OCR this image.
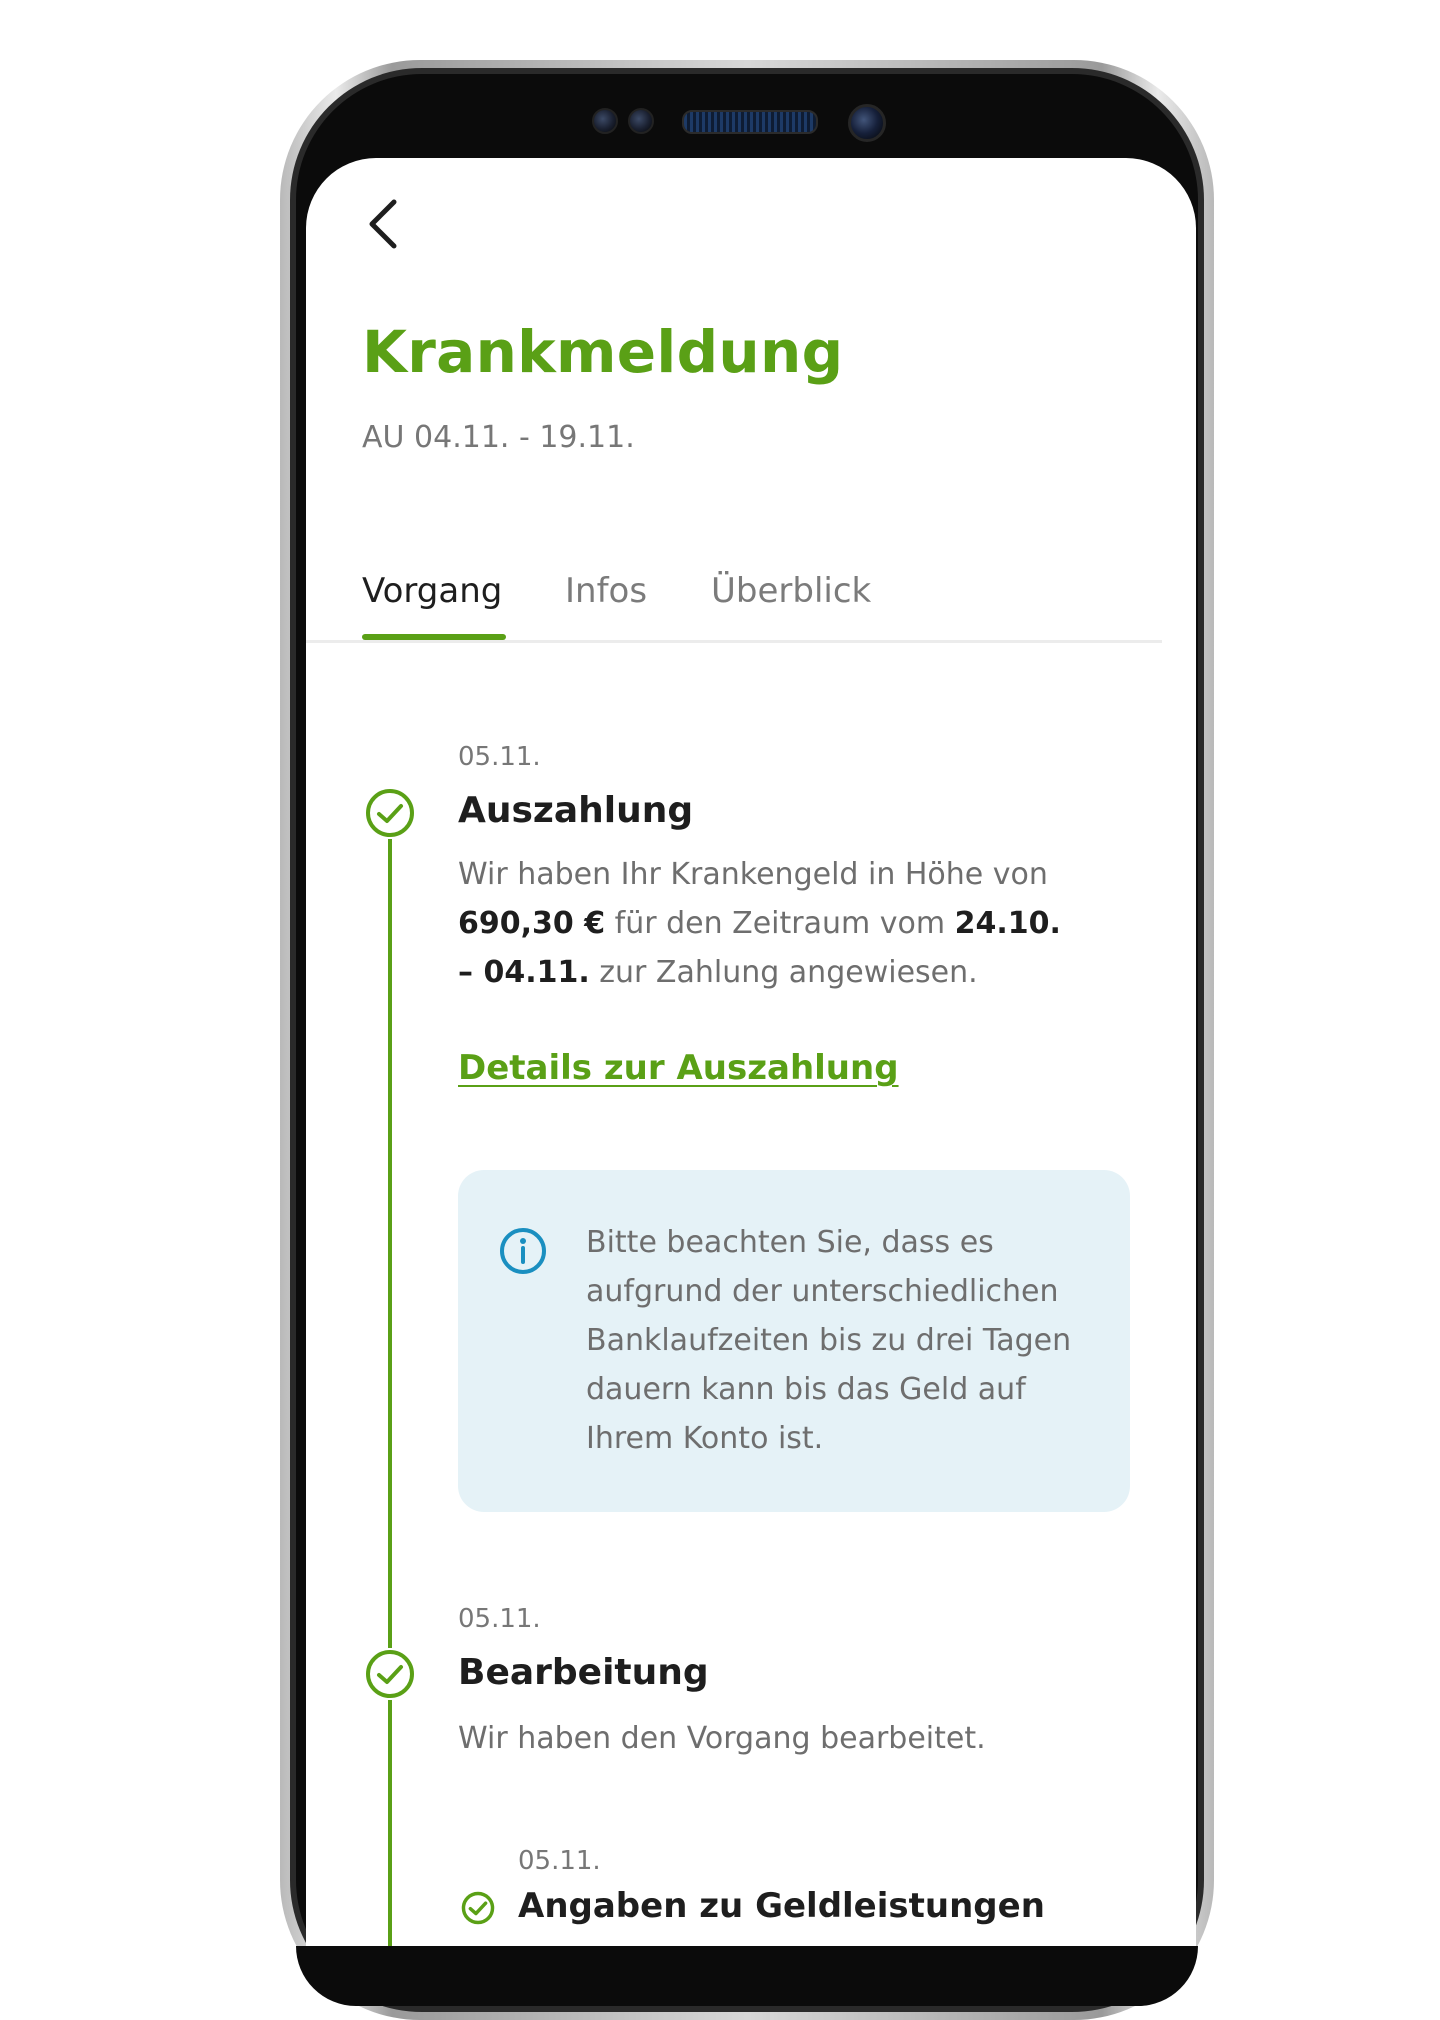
Krankmeldung
AU 04.11. - 19.11.
Vorgang Infos Überblick
05.11.
Auszahlung
Wir haben Ihr Krankengeld in Höhe von
690,30 € für den Zeitraum vom 24.10.
– 04.11. zur Zahlung angewiesen.
Details zur Auszahlung
Bitte beachten Sie, dass es
aufgrund der unterschiedlichen
Banklaufzeiten bis zu drei Tagen
dauern kann bis das Geld auf
Ihrem Konto ist.
05.11.
Bearbeitung
Wir haben den Vorgang bearbeitet.
05.11.
Angaben zu Geldleistungen
